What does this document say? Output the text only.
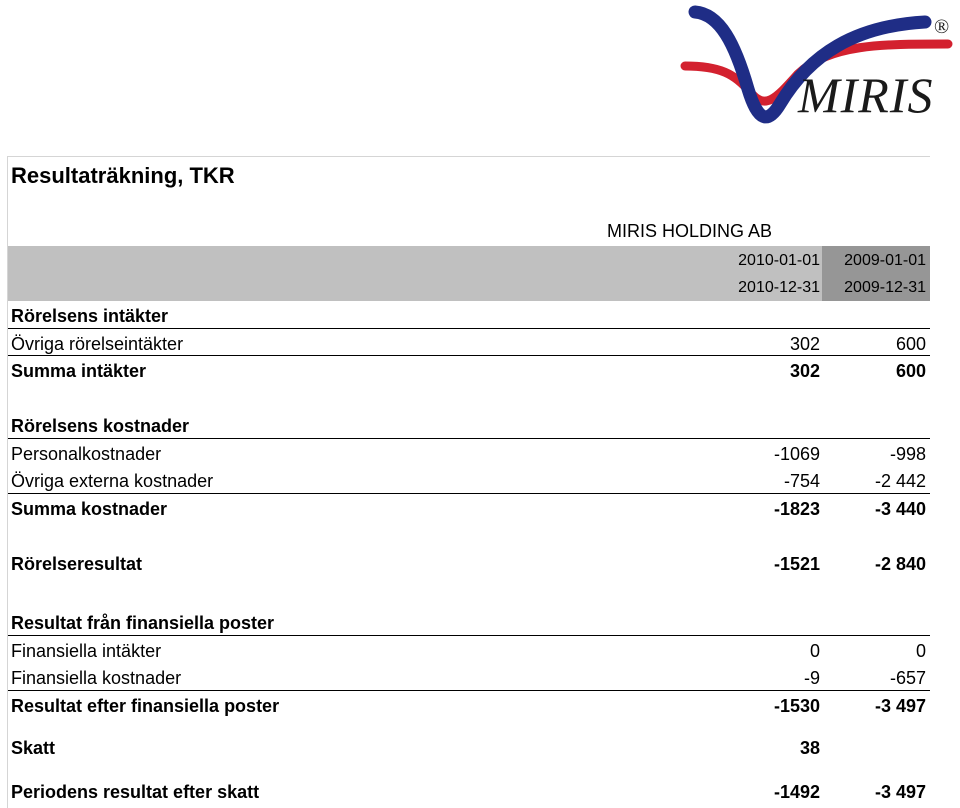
MIRIS
®
Resultaträkning, TKR
MIRIS HOLDING AB
2010-01-01 2009-01-01
2010-12-31 2009-12-31
Rörelsens intäkter
Övriga rörelseintäkter	302	600
Summa intäkter	302	600
Rörelsens kostnader
Personalkostnader	-1069	-998
Övriga externa kostnader	-754	-2 442
Summa kostnader	-1823	-3 440
Rörelseresultat	-1521	-2 840
Resultat från finansiella poster
Finansiella intäkter	0	0
Finansiella kostnader	-9	-657
Resultat efter finansiella poster	-1530	-3 497
Skatt	38
Periodens resultat efter skatt	-1492	-3 497
